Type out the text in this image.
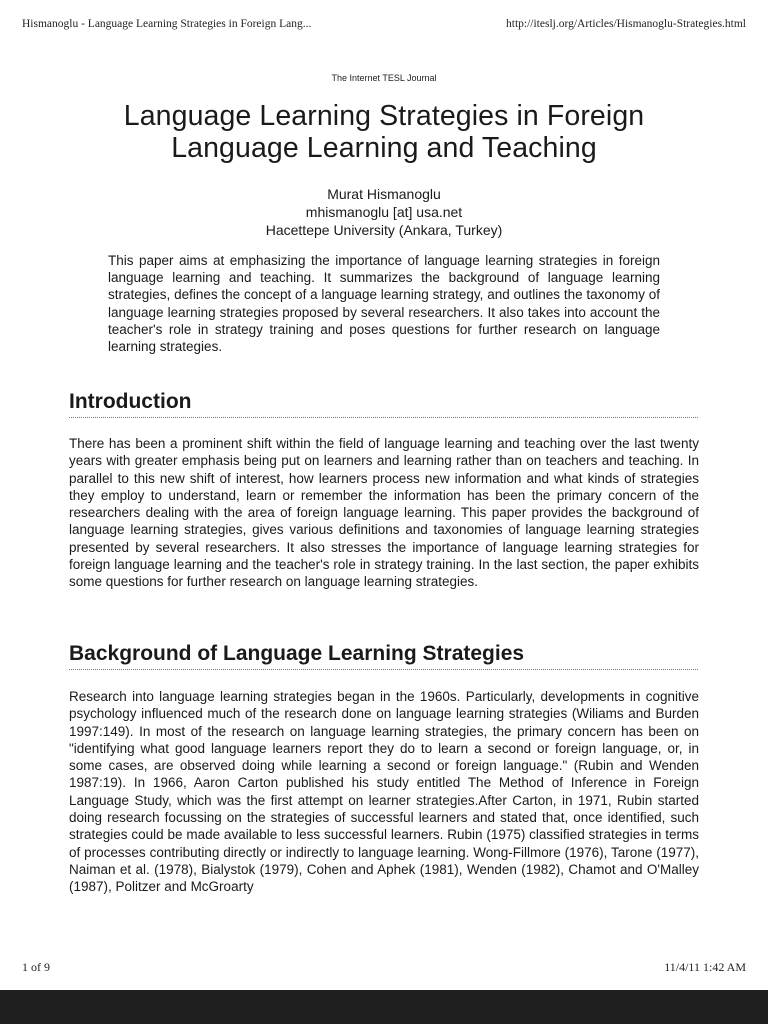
Hismanoglu - Language Learning Strategies in Foreign Lang...	http://iteslj.org/Articles/Hismanoglu-Strategies.html
The Internet TESL Journal
Language Learning Strategies in Foreign Language Learning and Teaching
Murat Hismanoglu
mhismanoglu [at] usa.net
Hacettepe University (Ankara, Turkey)

This paper aims at emphasizing the importance of language learning strategies in foreign language learning and teaching. It summarizes the background of language learning strategies, defines the concept of a language learning strategy, and outlines the taxonomy of language learning strategies proposed by several researchers. It also takes into account the teacher's role in strategy training and poses questions for further research on language learning strategies.

Introduction

There has been a prominent shift within the field of language learning and teaching over the last twenty years with greater emphasis being put on learners and learning rather than on teachers and teaching. In parallel to this new shift of interest, how learners process new information and what kinds of strategies they employ to understand, learn or remember the information has been the primary concern of the researchers dealing with the area of foreign language learning. This paper provides the background of language learning strategies, gives various definitions and taxonomies of language learning strategies presented by several researchers. It also stresses the importance of language learning strategies for foreign language learning and the teacher's role in strategy training. In the last section, the paper exhibits some questions for further research on language learning strategies.

Background of Language Learning Strategies

Research into language learning strategies began in the 1960s. Particularly, developments in cognitive psychology influenced much of the research done on language learning strategies (Wiliams and Burden 1997:149). In most of the research on language learning strategies, the primary concern has been on "identifying what good language learners report they do to learn a second or foreign language, or, in some cases, are observed doing while learning a second or foreign language." (Rubin and Wenden 1987:19). In 1966, Aaron Carton published his study entitled The Method of Inference in Foreign Language Study, which was the first attempt on learner strategies.After Carton, in 1971, Rubin started doing research focussing on the strategies of successful learners and stated that, once identified, such strategies could be made available to less successful learners. Rubin (1975) classified strategies in terms of processes contributing directly or indirectly to language learning. Wong-Fillmore (1976), Tarone (1977), Naiman et al. (1978), Bialystok (1979), Cohen and Aphek (1981), Wenden (1982), Chamot and O'Malley (1987), Politzer and McGroarty

1 of 9	11/4/11 1:42 AM
